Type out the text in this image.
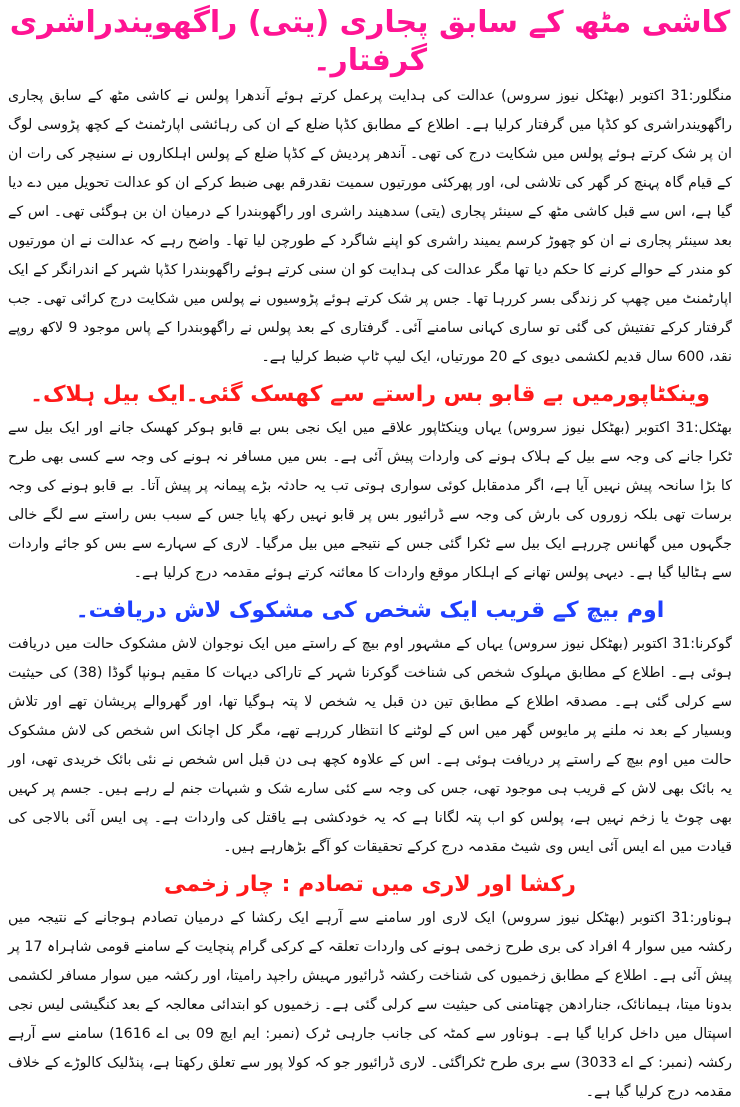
کاشی مٹھ کے سابق پجاری (یتی) راگھویندراشری گرفتار۔

منگلور:31 اکتوبر (بھٹکل نیوز سروس)عدالت کی ہدایت پرعمل کرتے ہوئے آندھرا پولس نے کاشی مٹھ کے سابق پجاری راگھویندراشری کو کڈپا میں گرفتار کرلیا ہے۔ اطلاع کے مطابق کڈپا ضلع کے ان کی رہائشی اپارٹمنٹ کے کچھ پڑوسی لوگ ان پر شک کرتے ہوئے پولس میں شکایت درج کی تھی۔ آندھر پردیش کے کڈپا ضلع کے پولس اہلکاروں نے سنیچر کی رات ان کے قیام گاہ پہنچ کر گھر کی تلاشی لی، اور پھرکئی مورتیوں سمیت نقدرقم بھی ضبط کرکے ان کو عدالت تحویل میں دے دیا گیا ہے، اس سے قبل کاشی مٹھ کے سینئر پجاری (یتی) سدھیند راشری اور راگھوبندرا کے درمیان ان بن ہوگئی تھی۔ اس کے بعد سینئر پجاری نے ان کو چھوڑ کرسم یمیند راشری کو اپنے شاگرد کے طورچن لیا تھا۔ واضح رہے کہ عدالت نے ان مورتیوں کو مندر کے حوالے کرنے کا حکم دیا تھا مگر عدالت کی ہدایت کو ان سنی کرتے ہوئے راگھوبندرا کڈپا شہر کے اندرانگر کے ایک اپارٹمنٹ میں چھپ کر زندگی بسر کررہا تھا۔ جس پر شک کرتے ہوئے پڑوسیوں نے پولس میں شکایت درج کرائی تھی۔ جب گرفتار کرکے تفتیش کی گئی تو ساری کہانی سامنے آئی۔ گرفتاری کے بعد پولس نے راگھوبندرا کے پاس موجود 9 لاکھ روپے نقد، 600 سال قدیم لکشمی دیوی کے 20 مورتیاں، ایک لیپ ٹاپ ضبط کرلیا ہے۔

وینکٹاپورمیں بے قابو بس راستے سے کھسک گئی۔ایک بیل ہلاک۔

بھٹکل:31 اکتوبر (بھٹکل نیوز سروس)یہاں وینکٹاپور علاقے میں ایک نجی بس بے قابو ہوکر کھسک جانے اور ایک بیل سے ٹکرا جانے کی وجہ سے بیل کے ہلاک ہونے کی واردات پیش آئی ہے۔ بس میں مسافر نہ ہونے کی وجہ سے کسی بھی طرح کا بڑا سانحہ پیش نہیں آیا ہے، اگر مدمقابل کوئی سواری ہوتی تب یہ حادثہ بڑے پیمانہ پر پیش آتا۔ بے قابو ہونے کی وجہ برسات تھی بلکہ زوروں کی بارش کی وجہ سے ڈرائیور بس پر قابو نہیں رکھ پایا جس کے سبب بس راستے سے لگے خالی جگہوں میں گھانس چررہے ایک بیل سے ٹکرا گئی جس کے نتیجے میں بیل مرگیا۔ لاری کے سہارے سے بس کو جائے واردات سے ہٹالیا گیا ہے۔ دیہی پولس تھانے کے اہلکار موقع واردات کا معائنہ کرتے ہوئے مقدمہ درج کرلیا ہے۔

اوم بیچ کے قریب ایک شخص کی مشکوک لاش دریافت۔

گوکرنا:31 اکتوبر (بھٹکل نیوز سروس)یہاں کے مشہور اوم بیچ کے راستے میں ایک نوجوان لاش مشکوک حالت میں دریافت ہوئی ہے۔ اطلاع کے مطابق مہلوک شخص کی شناخت گوکرنا شہر کے تاراکی دیہات کا مقیم ہونپا گوڈا (38) کی حیثیت سے کرلی گئی ہے۔ مصدقہ اطلاع کے مطابق تین دن قبل یہ شخص لا پتہ ہوگیا تھا، اور گھروالے پریشان تھے اور تلاش وبسیار کے بعد نہ ملنے پر مایوس گھر میں اس کے لوٹنے کا انتظار کررہے تھے، مگر کل اچانک اس شخص کی لاش مشکوک حالت میں اوم بیچ کے راستے پر دریافت ہوئی ہے۔ اس کے علاوہ کچھ ہی دن قبل اس شخص نے نئی بائک خریدی تھی، اور یہ بائک بھی لاش کے قریب ہی موجود تھی، جس کی وجہ سے کئی سارے شک و شبہات جنم لے رہے ہیں۔ جسم پر کہیں بھی چوٹ یا زخم نہیں ہے، پولس کو اب پتہ لگانا ہے کہ یہ خودکشی ہے یاقتل کی واردات ہے۔ پی ایس آئی بالاجی کی قیادت میں اے ایس آئی ایس وی شیٹ مقدمہ درج کرکے تحقیقات کو آگے بڑھارہے ہیں۔

رکشا اور لاری میں تصادم : چار زخمی

ہوناور:31 اکتوبر (بھٹکل نیوز سروس)ایک لاری اور سامنے سے آرہے ایک رکشا کے درمیان تصادم ہوجانے کے نتیجہ میں رکشہ میں سوار 4 افراد کی بری طرح زخمی ہونے کی واردات تعلقہ کے کرکی گرام پنچایت کے سامنے قومی شاہراہ 17 پر پیش آئی ہے۔ اطلاع کے مطابق زخمیوں کی شناخت رکشہ ڈرائیور مہیش راجپد رامیتا، اور رکشہ میں سوار مسافر لکشمی بدونا میتا، ہیمانائک، جنارادھن چھتامنی کی حیثیت سے کرلی گئی ہے۔ زخمیوں کو ابتدائی معالجہ کے بعد کنگیشی لیس نجی اسپتال میں داخل کرایا گیا ہے۔ ہوناور سے کمٹہ کی جانب جارہی ٹرک (نمبر: ایم ایچ 09 بی اے 1616) سامنے سے آرہے رکشہ (نمبر: کے اے 3033) سے بری طرح ٹکراگئی۔ لاری ڈرائیور جو کہ کولا پور سے تعلق رکھتا ہے، پنڈلیک کالوڑے کے خلاف مقدمہ درج کرلیا گیا ہے۔
